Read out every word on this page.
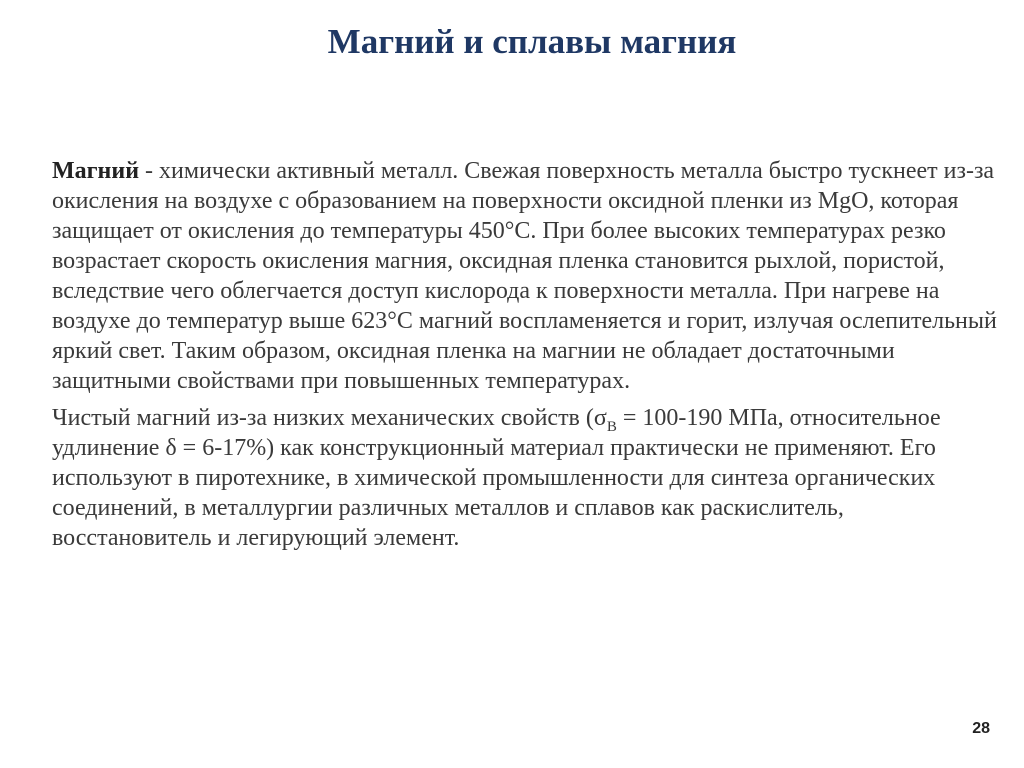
Магний и сплавы магния

Магний - химически активный металл. Свежая поверхность металла быстро тускнеет из-за окисления на воздухе с образованием на поверхности оксидной пленки из MgO, которая защищает от окисления до температуры 450°С. При более высоких температурах резко возрастает скорость окисления магния, оксидная пленка становится рыхлой, пористой, вследствие чего облегчается доступ кислорода к поверхности металла. При нагреве на воздухе до температур выше 623°С магний воспламеняется и горит, излучая ослепительный яркий свет. Таким образом, оксидная пленка на магнии не обладает достаточными защитными свойствами при повышенных температурах.

Чистый магний из-за низких механических свойств ($\sigma_В = 100-190$ МПа, относительное удлинение δ = 6-17%) как конструкционный материал практически не применяют. Его используют в пиротехнике, в химической промышленности для синтеза органических соединений, в металлургии различных металлов и сплавов как раскислитель, восстановитель и легирующий элемент.

28
